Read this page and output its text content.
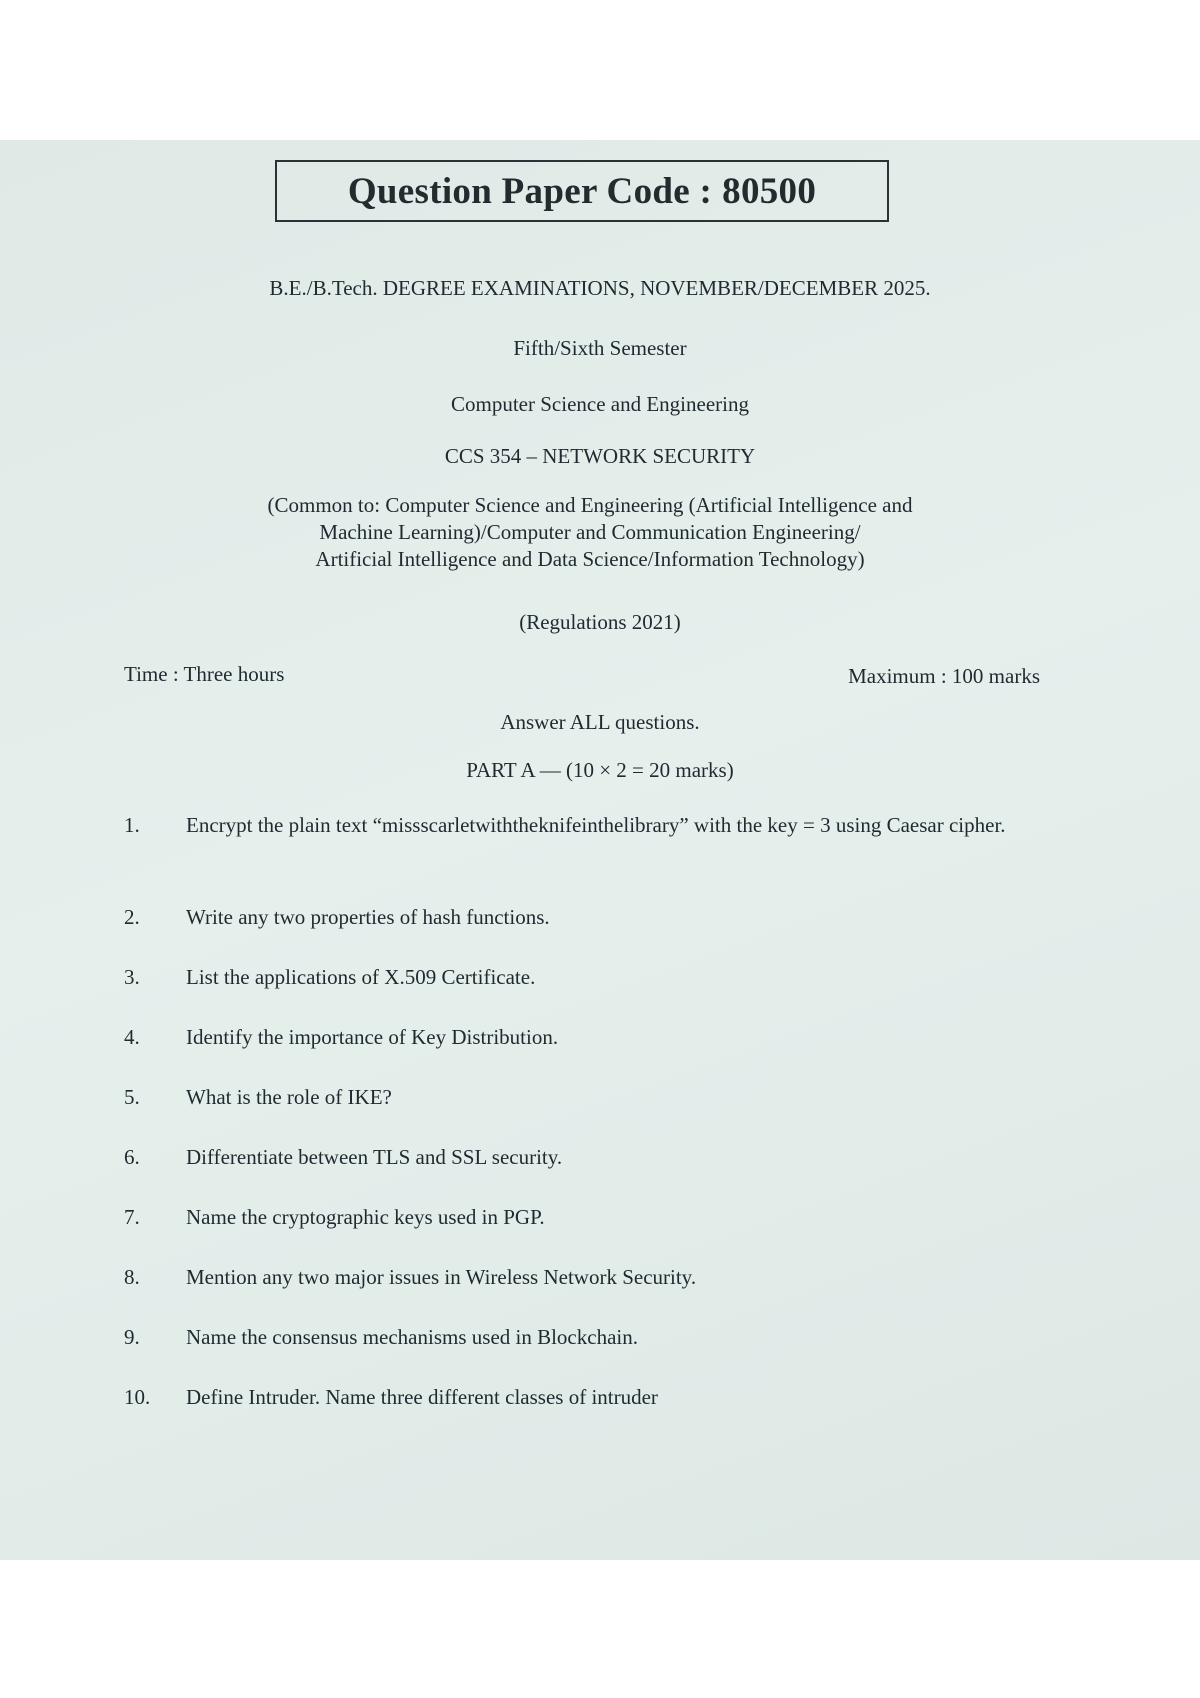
Question Paper Code : 80500
B.E./B.Tech. DEGREE EXAMINATIONS, NOVEMBER/DECEMBER 2025.
Fifth/Sixth Semester
Computer Science and Engineering
CCS 354 – NETWORK SECURITY
(Common to: Computer Science and Engineering (Artificial Intelligence and
Machine Learning)/Computer and Communication Engineering/
Artificial Intelligence and Data Science/Information Technology)
(Regulations 2021)
Time : Three hours	Maximum : 100 marks
Answer ALL questions.
PART A — (10 × 2 = 20 marks)
1.	Encrypt the plain text “missscarletwiththeknifeinthelibrary” with the key = 3 using Caesar cipher.
2.	Write any two properties of hash functions.
3.	List the applications of X.509 Certificate.
4.	Identify the importance of Key Distribution.
5.	What is the role of IKE?
6.	Differentiate between TLS and SSL security.
7.	Name the cryptographic keys used in PGP.
8.	Mention any two major issues in Wireless Network Security.
9.	Name the consensus mechanisms used in Blockchain.
10.	Define Intruder. Name three different classes of intruder
